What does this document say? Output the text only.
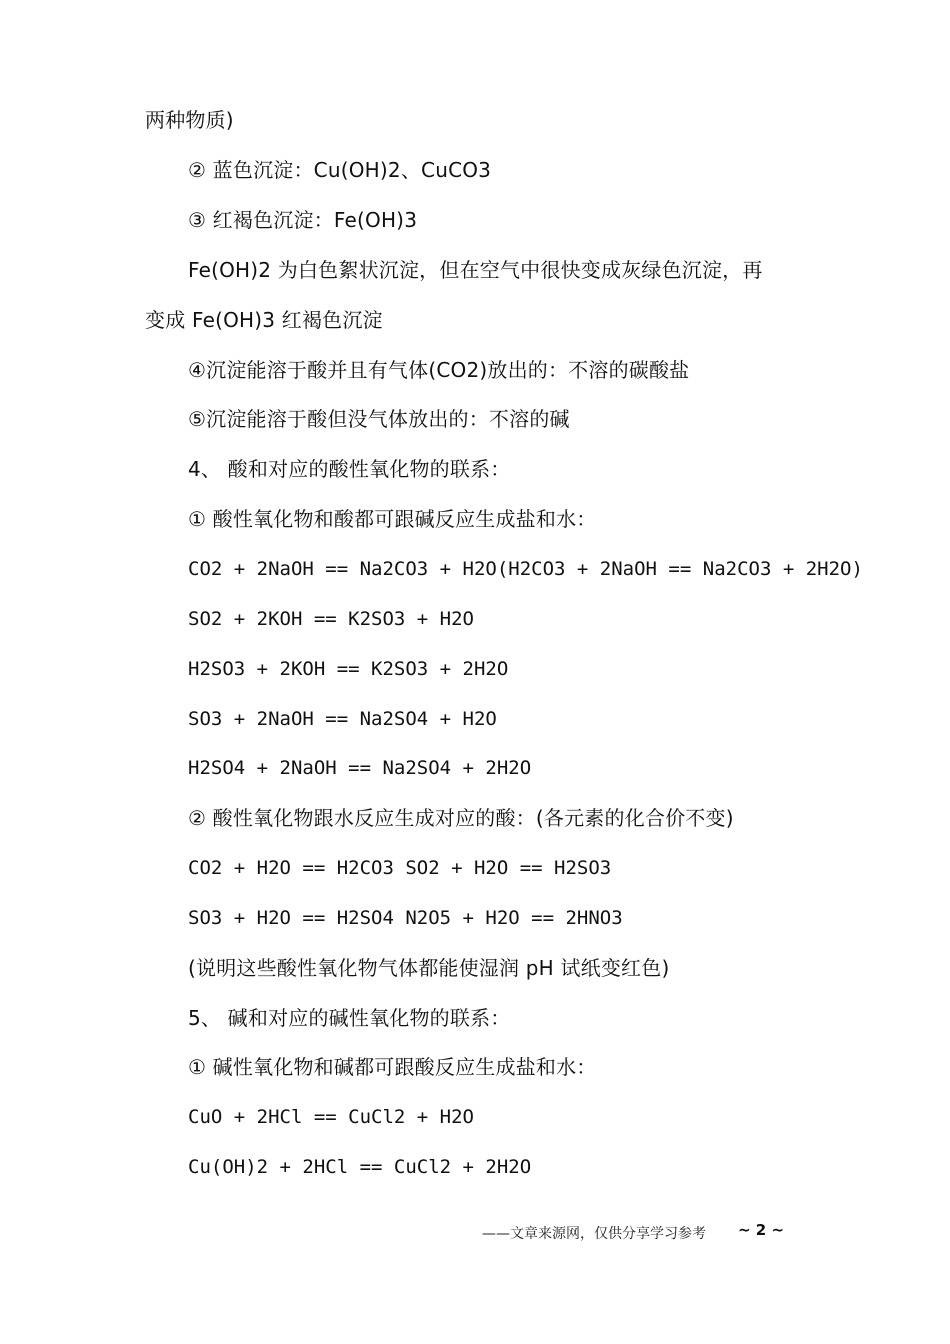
两种物质)
② 蓝色沉淀：Cu(OH)2、CuCO3
③ 红褐色沉淀：Fe(OH)3
Fe(OH)2 为白色絮状沉淀，但在空气中很快变成灰绿色沉淀，再
变成 Fe(OH)3 红褐色沉淀
④沉淀能溶于酸并且有气体(CO2)放出的：不溶的碳酸盐
⑤沉淀能溶于酸但没气体放出的：不溶的碱
4、 酸和对应的酸性氧化物的联系：
① 酸性氧化物和酸都可跟碱反应生成盐和水：
CO2 + 2NaOH == Na2CO3 + H2O(H2CO3 + 2NaOH == Na2CO3 + 2H2O)
SO2 + 2KOH == K2SO3 + H2O
H2SO3 + 2KOH == K2SO3 + 2H2O
SO3 + 2NaOH == Na2SO4 + H2O
H2SO4 + 2NaOH == Na2SO4 + 2H2O
② 酸性氧化物跟水反应生成对应的酸：(各元素的化合价不变)
CO2 + H2O == H2CO3 SO2 + H2O == H2SO3
SO3 + H2O == H2SO4 N2O5 + H2O == 2HNO3
(说明这些酸性氧化物气体都能使湿润 pH 试纸变红色)
5、 碱和对应的碱性氧化物的联系：
① 碱性氧化物和碱都可跟酸反应生成盐和水：
CuO + 2HCl == CuCl2 + H2O
Cu(OH)2 + 2HCl == CuCl2 + 2H2O
——文章来源网，仅供分享学习参考 ~ 2 ~
